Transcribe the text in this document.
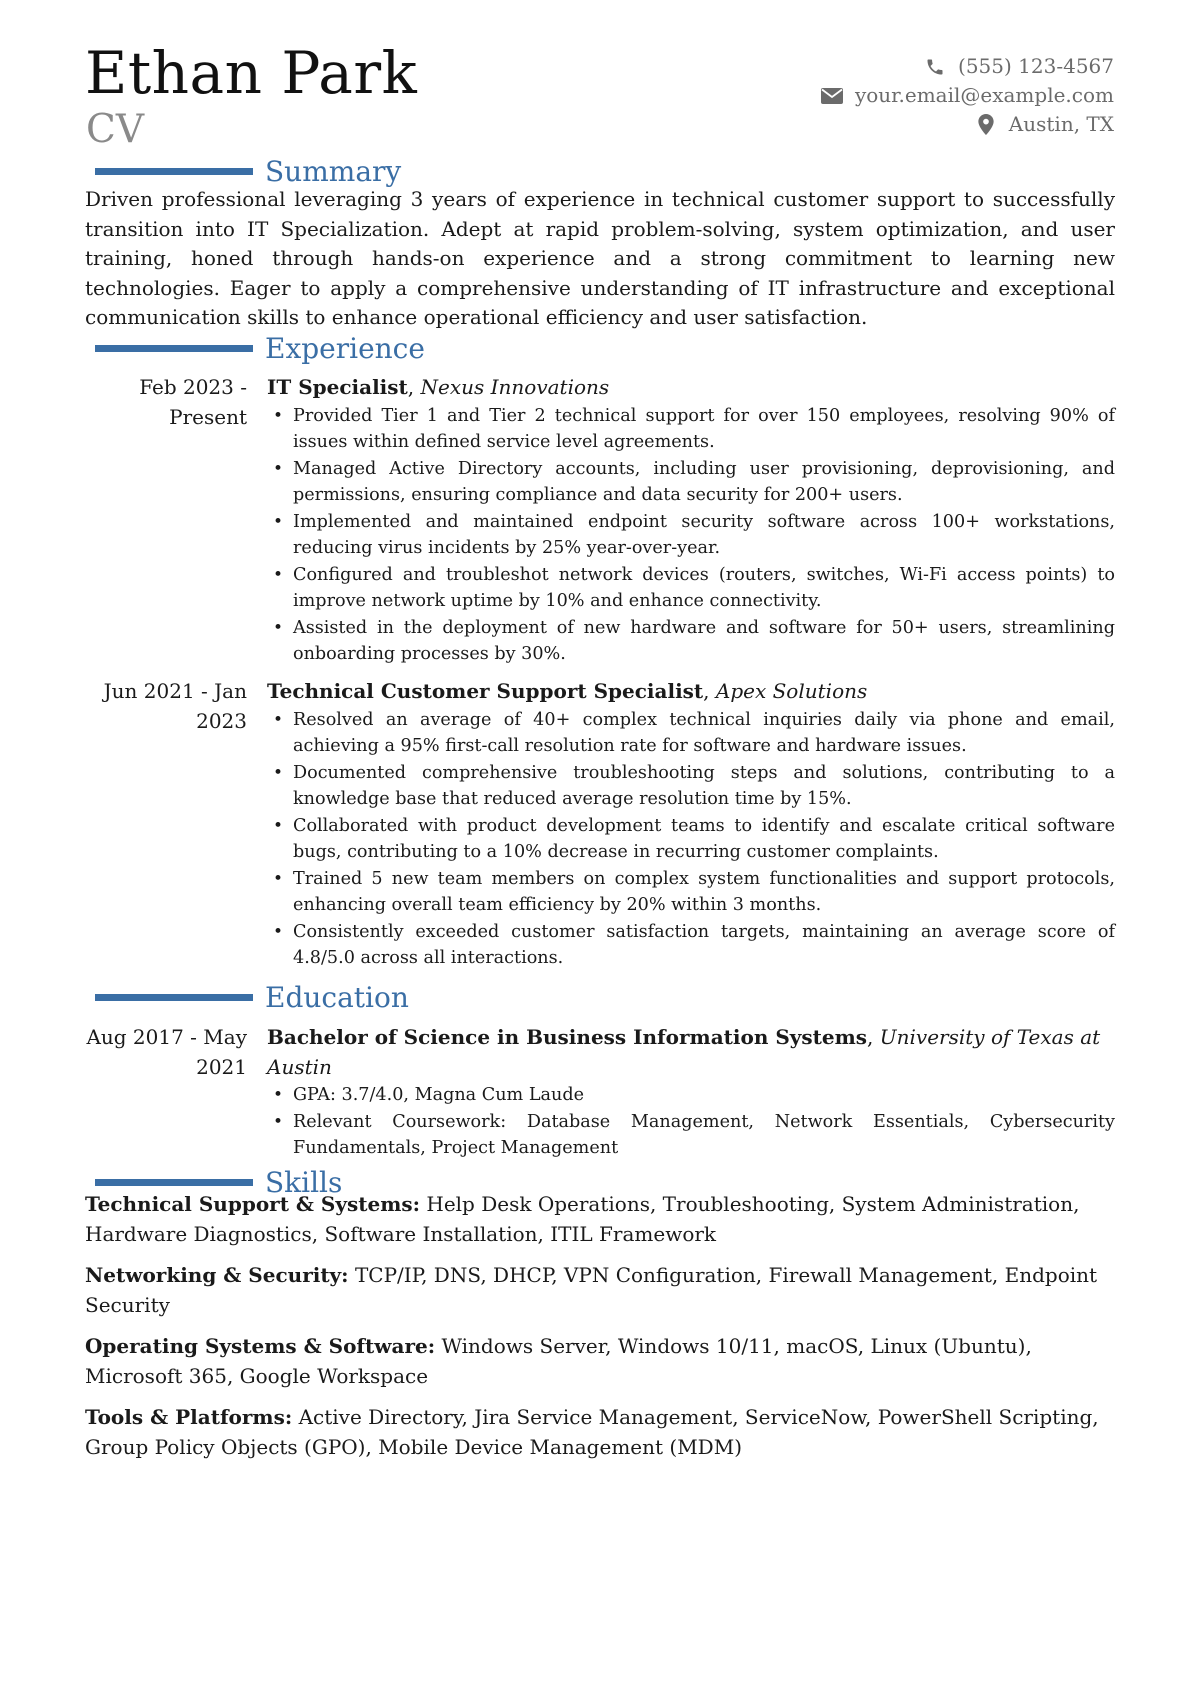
Ethan Park
CV
(555) 123-4567
your.email@example.com
Austin, TX
Summary
Driven professional leveraging 3 years of experience in technical customer support to successfully transition into IT Specialization. Adept at rapid problem-solving, system optimization, and user training, honed through hands-on experience and a strong commitment to learning new technologies. Eager to apply a comprehensive understanding of IT infrastructure and exceptional communication skills to enhance operational efficiency and user satisfaction.
Experience
Feb 2023 - Present
IT Specialist, Nexus Innovations
• Provided Tier 1 and Tier 2 technical support for over 150 employees, resolving 90% of issues within defined service level agreements.
• Managed Active Directory accounts, including user provisioning, deprovisioning, and permissions, ensuring compliance and data security for 200+ users.
• Implemented and maintained endpoint security software across 100+ workstations, reducing virus incidents by 25% year-over-year.
• Configured and troubleshot network devices (routers, switches, Wi-Fi access points) to improve network uptime by 10% and enhance connectivity.
• Assisted in the deployment of new hardware and software for 50+ users, streamlining onboarding processes by 30%.
Jun 2021 - Jan 2023
Technical Customer Support Specialist, Apex Solutions
• Resolved an average of 40+ complex technical inquiries daily via phone and email, achieving a 95% first-call resolution rate for software and hardware issues.
• Documented comprehensive troubleshooting steps and solutions, contributing to a knowledge base that reduced average resolution time by 15%.
• Collaborated with product development teams to identify and escalate critical software bugs, contributing to a 10% decrease in recurring customer complaints.
• Trained 5 new team members on complex system functionalities and support protocols, enhancing overall team efficiency by 20% within 3 months.
• Consistently exceeded customer satisfaction targets, maintaining an average score of 4.8/5.0 across all interactions.
Education
Aug 2017 - May 2021
Bachelor of Science in Business Information Systems, University of Texas at Austin
• GPA: 3.7/4.0, Magna Cum Laude
• Relevant Coursework: Database Management, Network Essentials, Cybersecurity Fundamentals, Project Management
Skills
Technical Support & Systems: Help Desk Operations, Troubleshooting, System Administration, Hardware Diagnostics, Software Installation, ITIL Framework
Networking & Security: TCP/IP, DNS, DHCP, VPN Configuration, Firewall Management, Endpoint Security
Operating Systems & Software: Windows Server, Windows 10/11, macOS, Linux (Ubuntu), Microsoft 365, Google Workspace
Tools & Platforms: Active Directory, Jira Service Management, ServiceNow, PowerShell Scripting, Group Policy Objects (GPO), Mobile Device Management (MDM)
